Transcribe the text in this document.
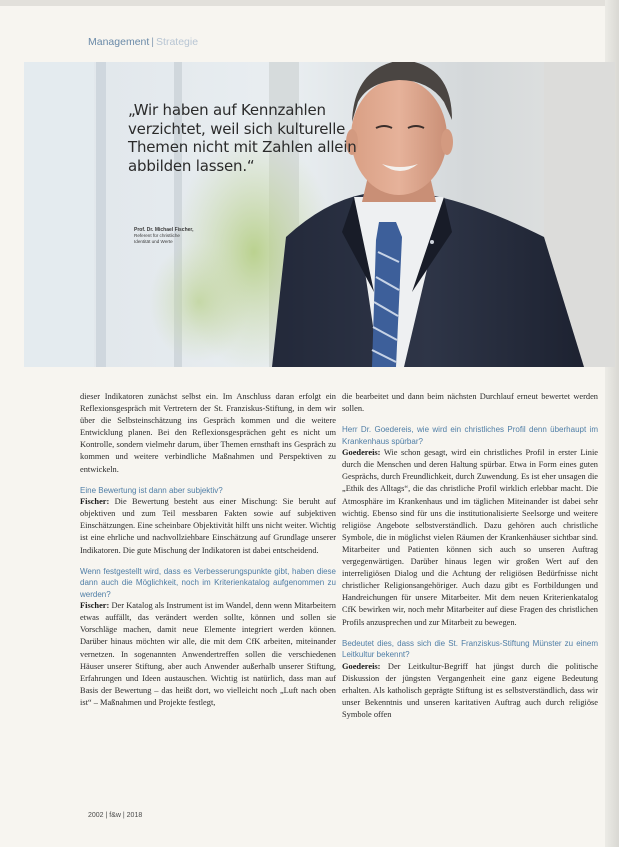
Management | Strategie
„Wir haben auf Kennzahlen verzichtet, weil sich kulturelle Themen nicht mit Zahlen allein abbilden lassen.“
Prof. Dr. Michael Fischer,
Referent für christliche
Identität und Werte

dieser Indikatoren zunächst selbst ein. Im Anschluss daran erfolgt ein Reflexionsgespräch mit Vertretern der St. Franziskus-Stiftung, in dem wir über die Selbsteinschätzung ins Gespräch kommen und die weitere Entwicklung planen. Bei den Reflexionsgesprächen geht es nicht um Kontrolle, sondern vielmehr darum, über Themen ernsthaft ins Gespräch zu kommen und weitere verbindliche Maßnahmen und Perspektiven zu entwickeln.

Eine Bewertung ist dann aber subjektiv?

Fischer: Die Bewertung besteht aus einer Mischung: Sie beruht auf objektiven und zum Teil messbaren Fakten sowie auf subjektiven Einschätzungen. Eine scheinbare Objektivität hilft uns nicht weiter. Wichtig ist eine ehrliche und nachvollziehbare Einschätzung auf Grundlage unserer Indikatoren. Die gute Mischung der Indikatoren ist dabei entscheidend.

Wenn festgestellt wird, dass es Verbesserungspunkte gibt, haben diese dann auch die Möglichkeit, noch im Kriterienkatalog aufgenommen zu werden?

Fischer: Der Katalog als Instrument ist im Wandel, denn wenn Mitarbeitern etwas auffällt, das verändert werden sollte, können und sollen sie Vorschläge machen, damit neue Elemente integriert werden können. Darüber hinaus möchten wir alle, die mit dem CfK arbeiten, miteinander vernetzen. In sogenannten Anwendertreffen sollen die verschiedenen Häuser unserer Stiftung, aber auch Anwender außerhalb unserer Stiftung, Erfahrungen und Ideen austauschen. Wichtig ist natürlich, dass man auf Basis der Bewertung – das heißt dort, wo vielleicht noch „Luft nach oben ist“ – Maßnahmen und Projekte festlegt,

die bearbeitet und dann beim nächsten Durchlauf erneut bewertet werden sollen.

Herr Dr. Goedereis, wie wird ein christliches Profil denn überhaupt im Krankenhaus spürbar?

Goedereis: Wie schon gesagt, wird ein christliches Profil in erster Linie durch die Menschen und deren Haltung spürbar. Etwa in Form eines guten Gesprächs, durch Freundlichkeit, durch Zuwendung. Es ist eher unsagen die „Ethik des Alltags“, die das christliche Profil wirklich erlebbar macht. Die Atmosphäre im Krankenhaus und im täglichen Miteinander ist dabei sehr wichtig. Ebenso sind für uns die institutionalisierte Seelsorge und weitere religiöse Angebote selbstverständlich. Dazu gehören auch christliche Symbole, die in möglichst vielen Räumen der Krankenhäuser sichtbar sind. Mitarbeiter und Patienten können sich auch so unseren Auftrag vergegenwärtigen. Darüber hinaus legen wir großen Wert auf den interreligiösen Dialog und die Achtung der religiösen Bedürfnisse nicht christlicher Religionsangehöriger. Auch dazu gibt es Fortbildungen und Handreichungen für unsere Mitarbeiter. Mit dem neuen Kriterienkatalog CfK bewirken wir, noch mehr Mitarbeiter auf diese Fragen des christlichen Profils anzusprechen und zur Mitarbeit zu bewegen.

Bedeutet dies, dass sich die St. Franziskus-Stiftung Münster zu einem Leitkultur bekennt?

Goedereis: Der Leitkultur-Begriff hat jüngst durch die politische Diskussion der jüngsten Vergangenheit eine ganz eigene Bedeutung erhalten. Als katholisch geprägte Stiftung ist es selbstverständlich, dass wir unser Bekenntnis und unseren karitativen Auftrag auch durch religiöse Symbole offen

2002 | f&w | 2018
